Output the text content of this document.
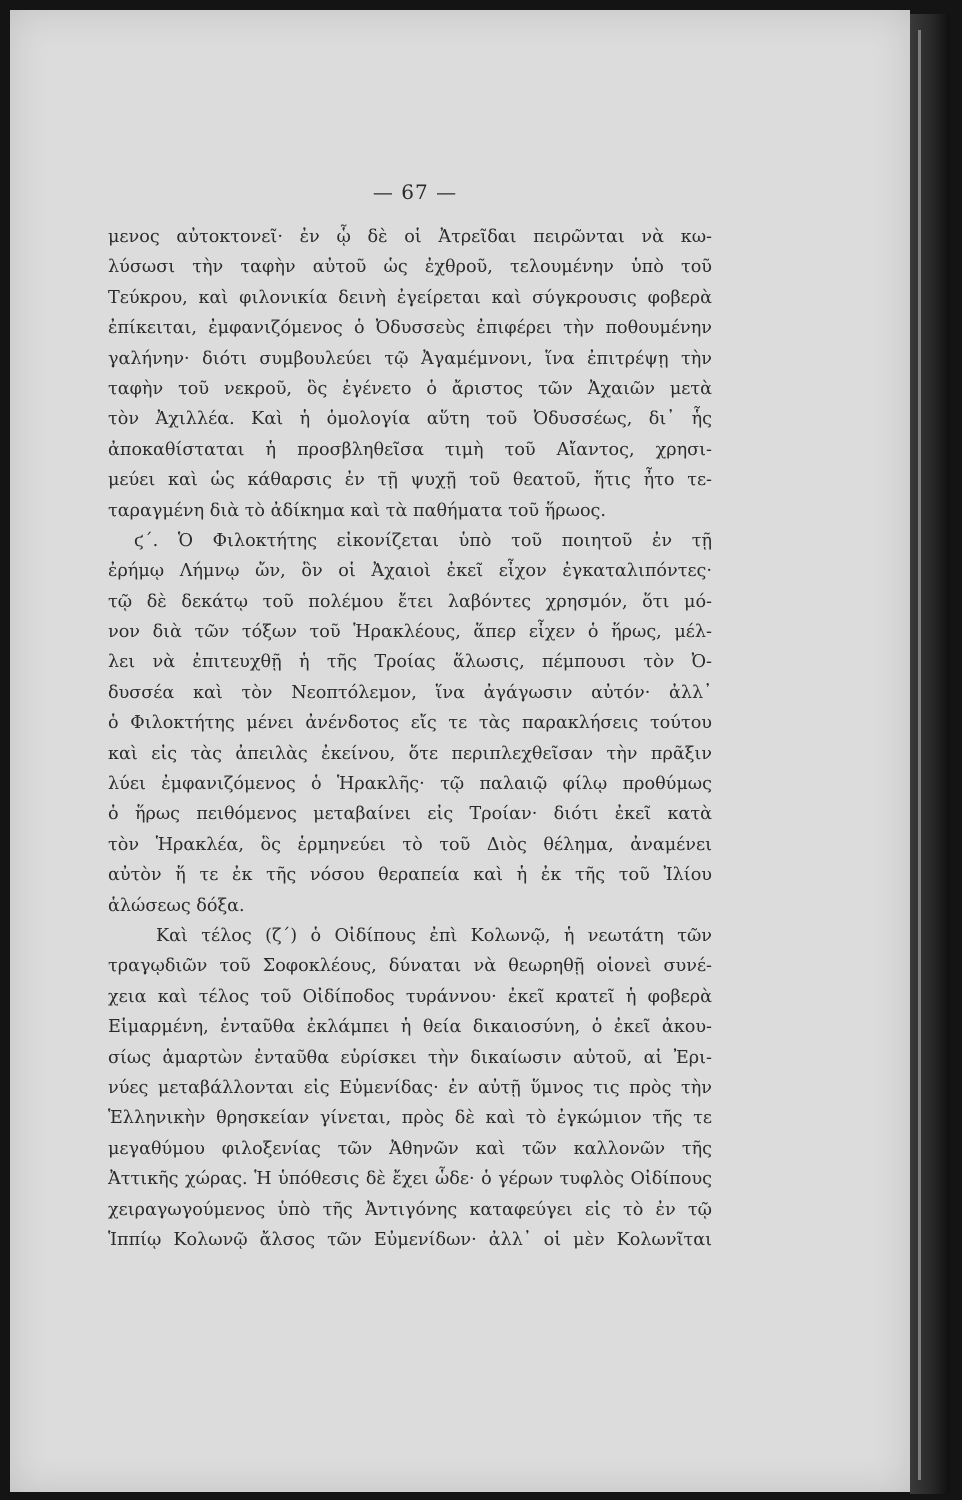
— 67 —
μενος αὐτοκτονεῖ· ἐν ᾧ δὲ οἱ Ἀτρεῖδαι πειρῶνται νὰ κω-
λύσωσι τὴν ταφὴν αὐτοῦ ὡς ἐχθροῦ, τελουμένην ὑπὸ τοῦ
Τεύκρου, καὶ φιλονικία δεινὴ ἐγείρεται καὶ σύγκρουσις φοβερὰ
ἐπίκειται, ἐμφανιζόμενος ὁ Ὀδυσσεὺς ἐπιφέρει τὴν ποθουμένην
γαλήνην· διότι συμβουλεύει τῷ Ἀγαμέμνονι, ἵνα ἐπιτρέψῃ τὴν
ταφὴν τοῦ νεκροῦ, ὃς ἐγένετο ὁ ἄριστος τῶν Ἀχαιῶν μετὰ
τὸν Ἀχιλλέα. Καὶ ἡ ὁμολογία αὕτη τοῦ Ὀδυσσέως, δι᾽ ἧς
ἀποκαθίσταται ἡ προσβληθεῖσα τιμὴ τοῦ Αἴαντος, χρησι-
μεύει καὶ ὡς κάθαρσις ἐν τῇ ψυχῇ τοῦ θεατοῦ, ἥτις ἦτο τε-
ταραγμένη διὰ τὸ ἀδίκημα καὶ τὰ παθήματα τοῦ ἥρωος.
ϛ΄. Ὁ Φιλοκτήτης εἰκονίζεται ὑπὸ τοῦ ποιητοῦ ἐν τῇ
ἐρήμῳ Λήμνῳ ὤν, ὃν οἱ Ἀχαιοὶ ἐκεῖ εἶχον ἐγκαταλιπόντες·
τῷ δὲ δεκάτῳ τοῦ πολέμου ἔτει λαβόντες χρησμόν, ὅτι μό-
νον διὰ τῶν τόξων τοῦ Ἡρακλέους, ἅπερ εἶχεν ὁ ἥρως, μέλ-
λει νὰ ἐπιτευχθῇ ἡ τῆς Τροίας ἅλωσις, πέμπουσι τὸν Ὀ-
δυσσέα καὶ τὸν Νεοπτόλεμον, ἵνα ἀγάγωσιν αὐτόν· ἀλλ᾽
ὁ Φιλοκτήτης μένει ἀνένδοτος εἴς τε τὰς παρακλήσεις τούτου
καὶ εἰς τὰς ἀπειλὰς ἐκείνου, ὅτε περιπλεχθεῖσαν τὴν πρᾶξιν
λύει ἐμφανιζόμενος ὁ Ἡρακλῆς· τῷ παλαιῷ φίλῳ προθύμως
ὁ ἥρως πειθόμενος μεταβαίνει εἰς Τροίαν· διότι ἐκεῖ κατὰ
τὸν Ἡρακλέα, ὃς ἑρμηνεύει τὸ τοῦ Διὸς θέλημα, ἀναμένει
αὐτὸν ἥ τε ἐκ τῆς νόσου θεραπεία καὶ ἡ ἐκ τῆς τοῦ Ἰλίου
ἁλώσεως δόξα.
Καὶ τέλος (ζ΄) ὁ Οἰδίπους ἐπὶ Κολωνῷ, ἡ νεωτάτη τῶν
τραγῳδιῶν τοῦ Σοφοκλέους, δύναται νὰ θεωρηθῇ οἱονεὶ συνέ-
χεια καὶ τέλος τοῦ Οἰδίποδος τυράννου· ἐκεῖ κρατεῖ ἡ φοβερὰ
Εἱμαρμένη, ἐνταῦθα ἐκλάμπει ἡ θεία δικαιοσύνη, ὁ ἐκεῖ ἀκου-
σίως ἁμαρτὼν ἐνταῦθα εὑρίσκει τὴν δικαίωσιν αὐτοῦ, αἱ Ἐρι-
νύες μεταβάλλονται εἰς Εὐμενίδας· ἐν αὐτῇ ὕμνος τις πρὸς τὴν
Ἑλληνικὴν θρησκείαν γίνεται, πρὸς δὲ καὶ τὸ ἐγκώμιον τῆς τε
μεγαθύμου φιλοξενίας τῶν Ἀθηνῶν καὶ τῶν καλλονῶν τῆς
Ἀττικῆς χώρας. Ἡ ὑπόθεσις δὲ ἔχει ὧδε· ὁ γέρων τυφλὸς Οἰδίπους
χειραγωγούμενος ὑπὸ τῆς Ἀντιγόνης καταφεύγει εἰς τὸ ἐν τῷ
Ἱππίῳ Κολωνῷ ἄλσος τῶν Εὐμενίδων· ἀλλ᾽ οἱ μὲν Κολωνῖται
